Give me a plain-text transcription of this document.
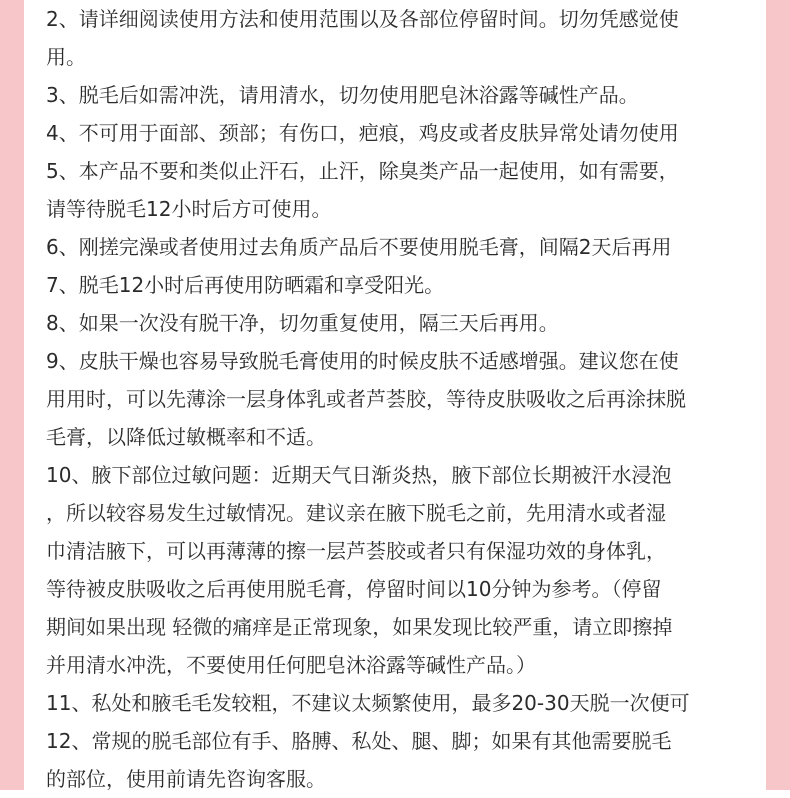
2、请详细阅读使用方法和使用范围以及各部位停留时间。切勿凭感觉使
用。
3、脱毛后如需冲洗，请用清水，切勿使用肥皂沐浴露等碱性产品。
4、不可用于面部、颈部；有伤口，疤痕，鸡皮或者皮肤异常处请勿使用
5、本产品不要和类似止汗石，止汗，除臭类产品一起使用，如有需要，
请等待脱毛12小时后方可使用。
6、刚搓完澡或者使用过去角质产品后不要使用脱毛膏，间隔2天后再用
7、脱毛12小时后再使用防晒霜和享受阳光。
8、如果一次没有脱干净，切勿重复使用，隔三天后再用。
9、皮肤干燥也容易导致脱毛膏使用的时候皮肤不适感增强。建议您在使
用用时，可以先薄涂一层身体乳或者芦荟胶，等待皮肤吸收之后再涂抹脱
毛膏，以降低过敏概率和不适。
10、腋下部位过敏问题：近期天气日渐炎热，腋下部位长期被汗水浸泡
，所以较容易发生过敏情况。建议亲在腋下脱毛之前，先用清水或者湿
巾清洁腋下，可以再薄薄的擦一层芦荟胶或者只有保湿功效的身体乳，
等待被皮肤吸收之后再使用脱毛膏，停留时间以10分钟为参考。（停留
期间如果出现 轻微的痛痒是正常现象，如果发现比较严重，请立即擦掉
并用清水冲洗，不要使用任何肥皂沐浴露等碱性产品。）
11、私处和腋毛毛发较粗，不建议太频繁使用，最多20-30天脱一次便可
12、常规的脱毛部位有手、胳膊、私处、腿、脚；如果有其他需要脱毛
的部位，使用前请先咨询客服。
